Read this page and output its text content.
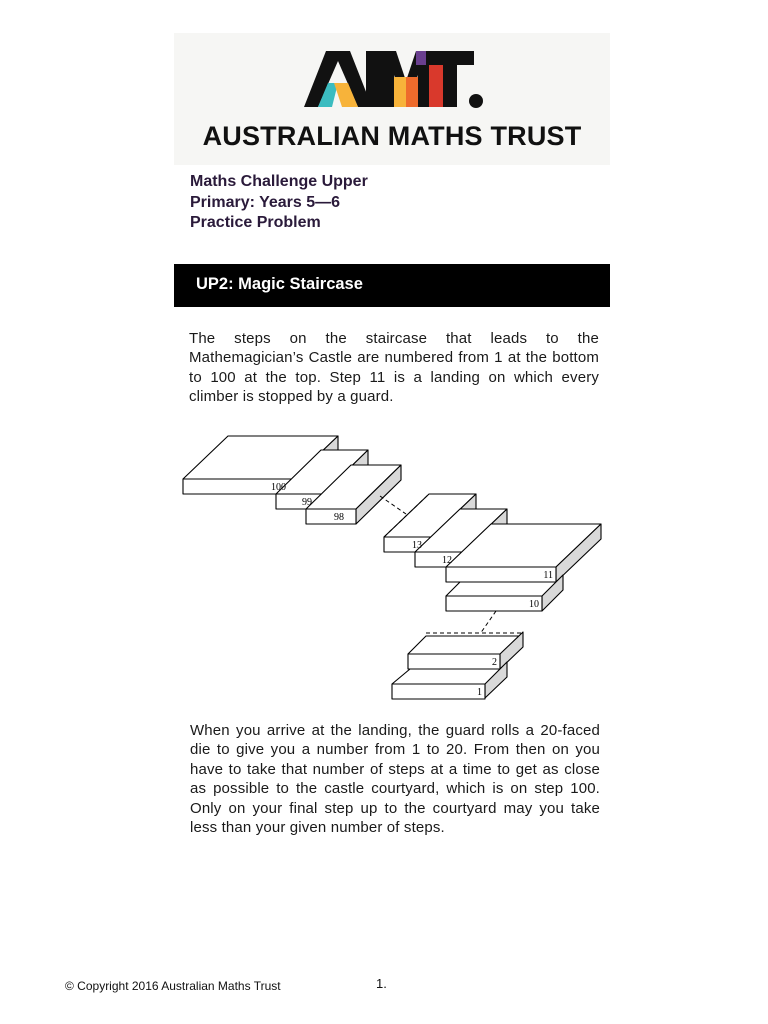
AUSTRALIAN MATHS TRUST
Maths Challenge Upper
Primary: Years 5—6
Practice Problem
UP2: Magic Staircase
The steps on the staircase that leads to the Mathemagician’s Castle are numbered from 1 at the bottom to 100 at the top. Step 11 is a landing on which every climber is stopped by a guard.
100
99
98
13
12
11
10
2
1
When you arrive at the landing, the guard rolls a 20-faced die to give you a number from 1 to 20. From then on you have to take that number of steps at a time to get as close as possible to the castle courtyard, which is on step 100. Only on your final step up to the courtyard may you take less than your given number of steps.
© Copyright 2016 Australian Maths Trust	1.
